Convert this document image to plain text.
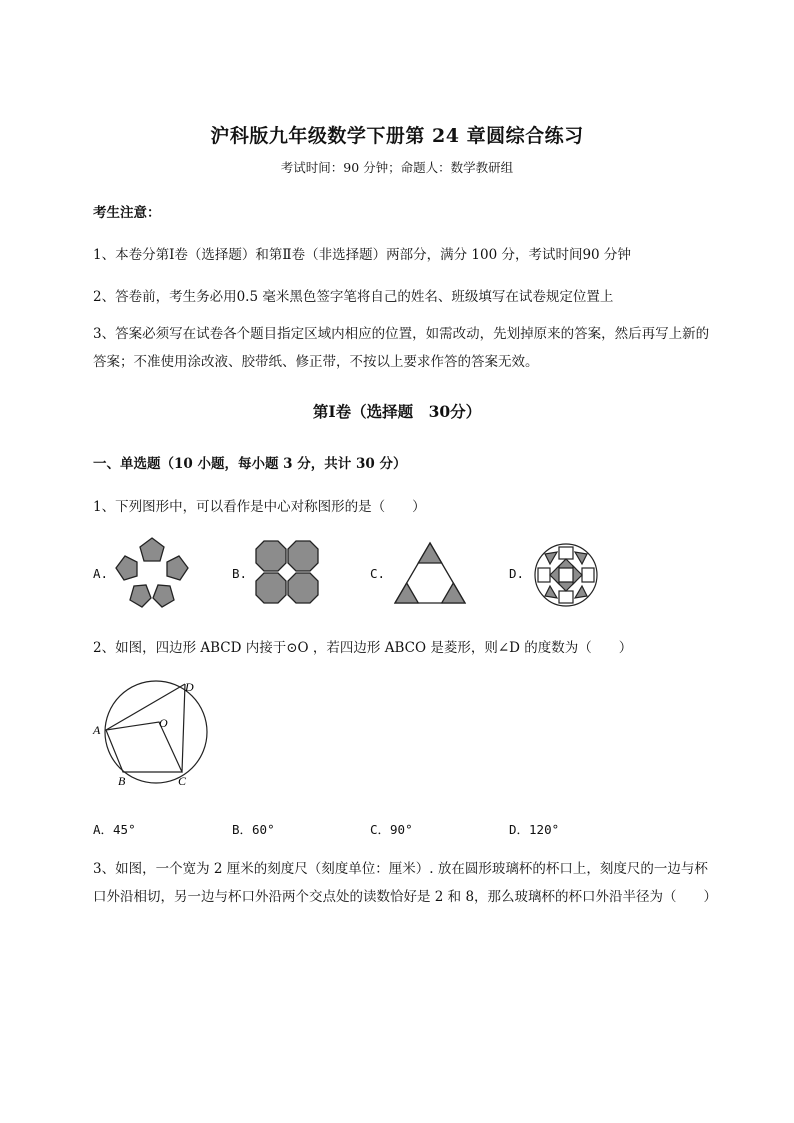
沪科版九年级数学下册第 24 章圆综合练习
考试时间：90 分钟；命题人：数学教研组
考生注意：
1、本卷分第Ⅰ卷（选择题）和第Ⅱ卷（非选择题）两部分，满分 100 分，考试时间90 分钟
2、答卷前，考生务必用0.5 毫米黑色签字笔将自己的姓名、班级填写在试卷规定位置上
3、答案必须写在试卷各个题目指定区域内相应的位置，如需改动，先划掉原来的答案，然后再写上新的答案；不准使用涂改液、胶带纸、修正带，不按以上要求作答的答案无效。
第Ⅰ卷（选择题　30分）
一、单选题（10 小题，每小题 3 分，共计 30 分）
1、下列图形中，可以看作是中心对称图形的是（　　）
A.	B.	C.	D.
2、如图，四边形 ABCD 内接于⊙O ，若四边形 ABCO 是菱形，则∠D 的度数为（　　）
A
B	C
D
O
A．45°	B．60°	C．90°	D．120°
3、如图，一个宽为 2 厘米的刻度尺（刻度单位：厘米）. 放在圆形玻璃杯的杯口上，刻度尺的一边与杯口外沿相切，另一边与杯口外沿两个交点处的读数恰好是 2 和 8，那么玻璃杯的杯口外沿半径为（　　）
